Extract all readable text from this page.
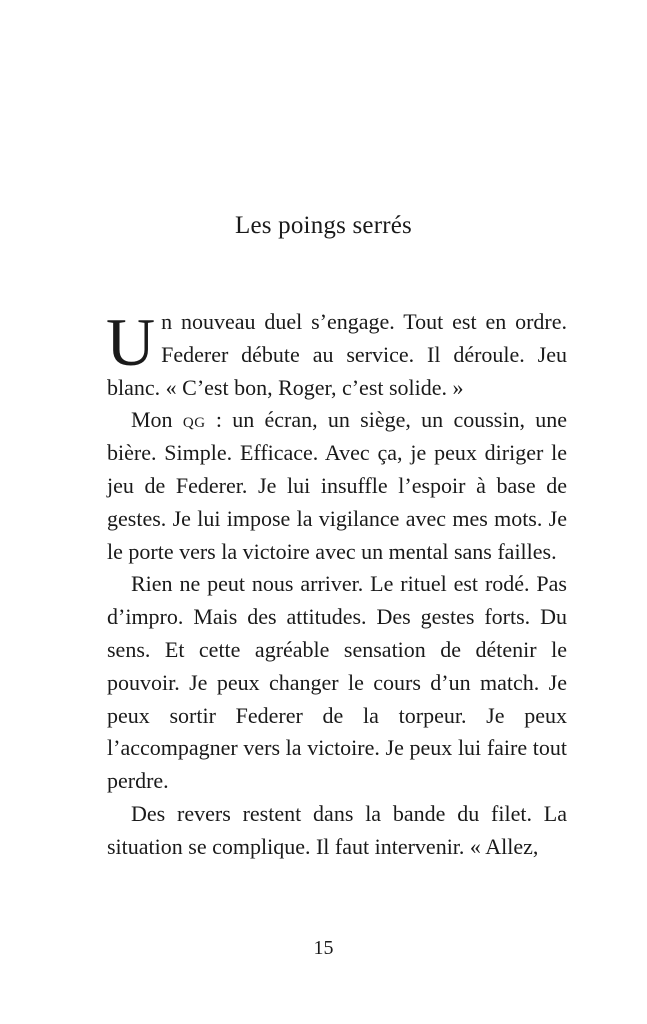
Les poings serrés

Un nouveau duel s’engage. Tout est en ordre. Federer débute au service. Il déroule. Jeu blanc. « C’est bon, Roger, c’est solide. »

Mon qg : un écran, un siège, un coussin, une bière. Simple. Efficace. Avec ça, je peux diriger le jeu de Federer. Je lui insuffle l’espoir à base de gestes. Je lui impose la vigilance avec mes mots. Je le porte vers la victoire avec un mental sans failles.

Rien ne peut nous arriver. Le rituel est rodé. Pas d’impro. Mais des attitudes. Des gestes forts. Du sens. Et cette agréable sensation de détenir le pouvoir. Je peux changer le cours d’un match. Je peux sortir Federer de la torpeur. Je peux l’accompagner vers la victoire. Je peux lui faire tout perdre.

Des revers restent dans la bande du filet. La situation se complique. Il faut intervenir. « Allez,

15
